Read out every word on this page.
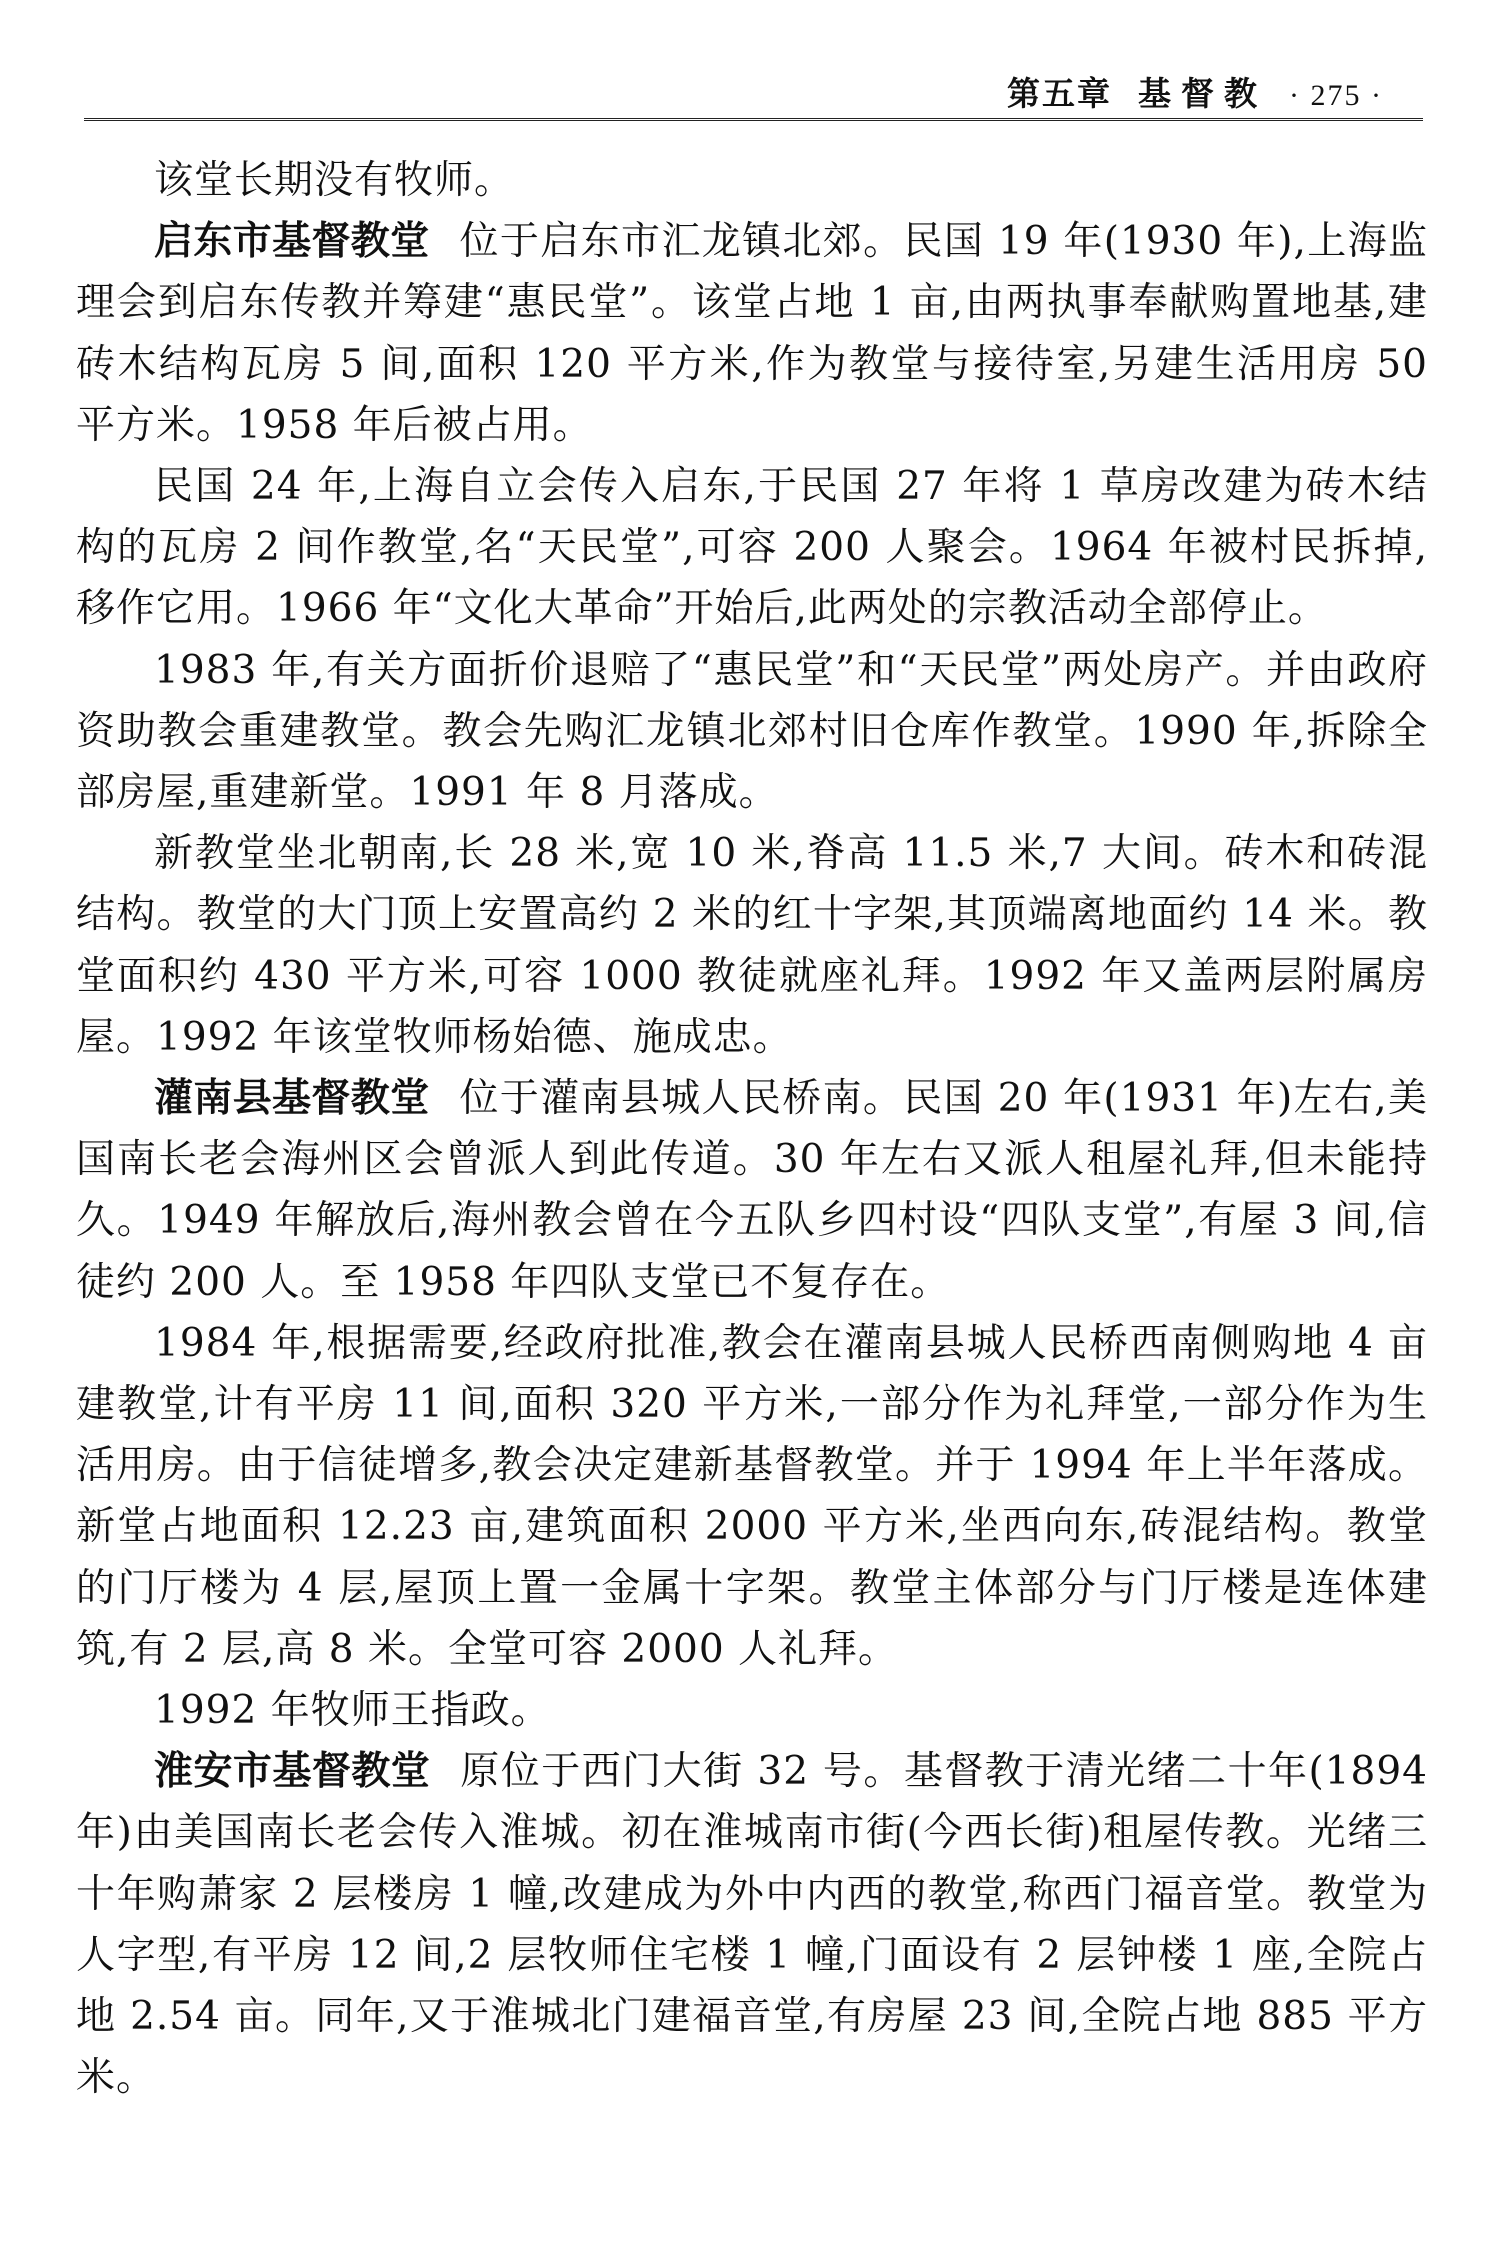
第五章 基督教 · 275 ·

该堂长期没有牧师。

启东市基督教堂 位于启东市汇龙镇北郊。民国 19 年(1930 年),上海监理会到启东传教并筹建“惠民堂”。该堂占地 1 亩,由两执事奉献购置地基,建砖木结构瓦房 5 间,面积 120 平方米,作为教堂与接待室,另建生活用房 50 平方米。1958 年后被占用。

民国 24 年,上海自立会传入启东,于民国 27 年将 1 草房改建为砖木结构的瓦房 2 间作教堂,名“天民堂”,可容 200 人聚会。1964 年被村民拆掉,移作它用。1966 年“文化大革命”开始后,此两处的宗教活动全部停止。

1983 年,有关方面折价退赔了“惠民堂”和“天民堂”两处房产。并由政府资助教会重建教堂。教会先购汇龙镇北郊村旧仓库作教堂。1990 年,拆除全部房屋,重建新堂。1991 年 8 月落成。

新教堂坐北朝南,长 28 米,宽 10 米,脊高 11.5 米,7 大间。砖木和砖混结构。教堂的大门顶上安置高约 2 米的红十字架,其顶端离地面约 14 米。教堂面积约 430 平方米,可容 1000 教徒就座礼拜。1992 年又盖两层附属房屋。1992 年该堂牧师杨始德、施成忠。

灌南县基督教堂 位于灌南县城人民桥南。民国 20 年(1931 年)左右,美国南长老会海州区会曾派人到此传道。30 年左右又派人租屋礼拜,但未能持久。1949 年解放后,海州教会曾在今五队乡四村设“四队支堂”,有屋 3 间,信徒约 200 人。至 1958 年四队支堂已不复存在。

1984 年,根据需要,经政府批准,教会在灌南县城人民桥西南侧购地 4 亩建教堂,计有平房 11 间,面积 320 平方米,一部分作为礼拜堂,一部分作为生活用房。由于信徒增多,教会决定建新基督教堂。并于 1994 年上半年落成。新堂占地面积 12.23 亩,建筑面积 2000 平方米,坐西向东,砖混结构。教堂的门厅楼为 4 层,屋顶上置一金属十字架。教堂主体部分与门厅楼是连体建筑,有 2 层,高 8 米。全堂可容 2000 人礼拜。

1992 年牧师王指政。

淮安市基督教堂 原位于西门大街 32 号。基督教于清光绪二十年(1894 年)由美国南长老会传入淮城。初在淮城南市街(今西长街)租屋传教。光绪三十年购萧家 2 层楼房 1 幢,改建成为外中内西的教堂,称西门福音堂。教堂为人字型,有平房 12 间,2 层牧师住宅楼 1 幢,门面设有 2 层钟楼 1 座,全院占地 2.54 亩。同年,又于淮城北门建福音堂,有房屋 23 间,全院占地 885 平方米。
